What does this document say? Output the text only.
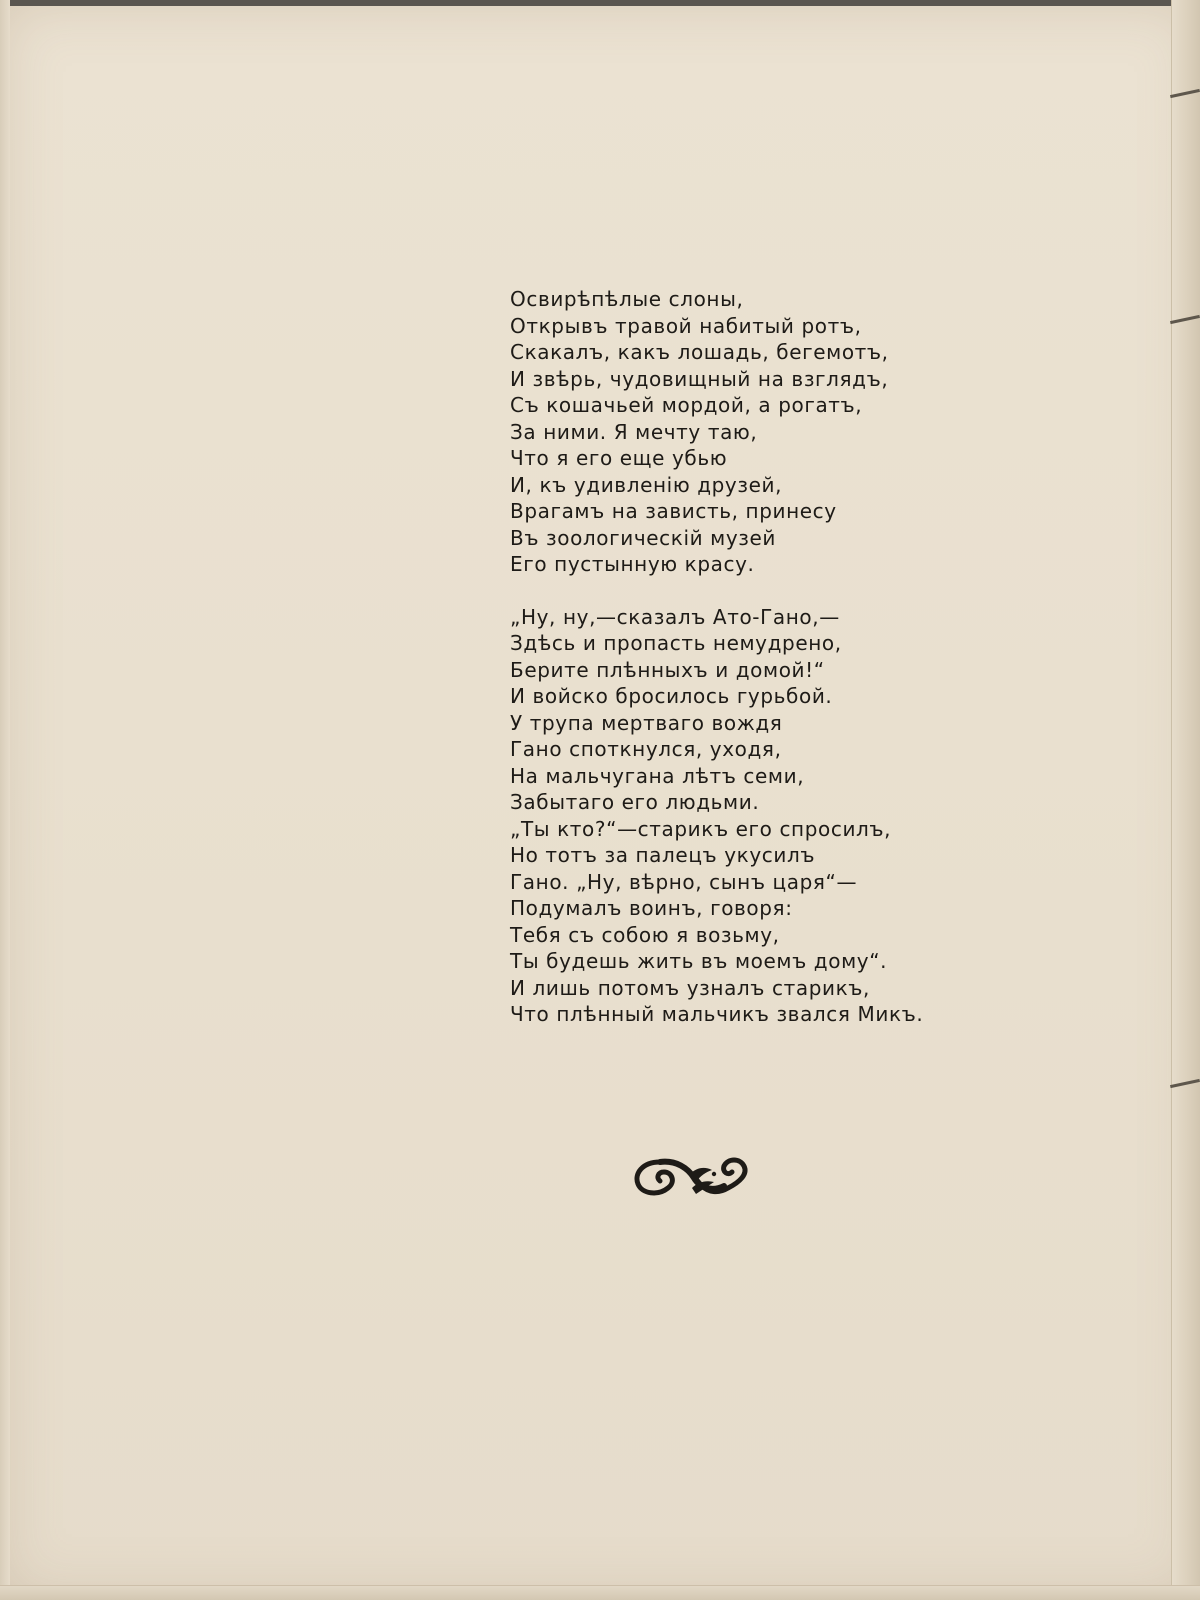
Освирѣпѣлые слоны,
Открывъ травой набитый ротъ,
Скакалъ, какъ лошадь, бегемотъ,
И звѣрь, чудовищный на взглядъ,
Съ кошачьей мордой, а рогатъ,
За ними. Я мечту таю,
Что я его еще убью
И, къ удивленію друзей,
Врагамъ на зависть, принесу
Въ зоологическій музей
Его пустынную красу.
„Ну, ну,—сказалъ Ато-Гано,—
Здѣсь и пропасть немудрено,
Берите плѣнныхъ и домой!“
И войско бросилось гурьбой.
У трупа мертваго вождя
Гано споткнулся, уходя,
На мальчугана лѣтъ семи,
Забытаго его людьми.
„Ты кто?“—старикъ его спросилъ,
Но тотъ за палецъ укусилъ
Гано. „Ну, вѣрно, сынъ царя“—
Подумалъ воинъ, говоря:
Тебя съ собою я возьму,
Ты будешь жить въ моемъ дому“.
И лишь потомъ узналъ старикъ,
Что плѣнный мальчикъ звался Микъ.
